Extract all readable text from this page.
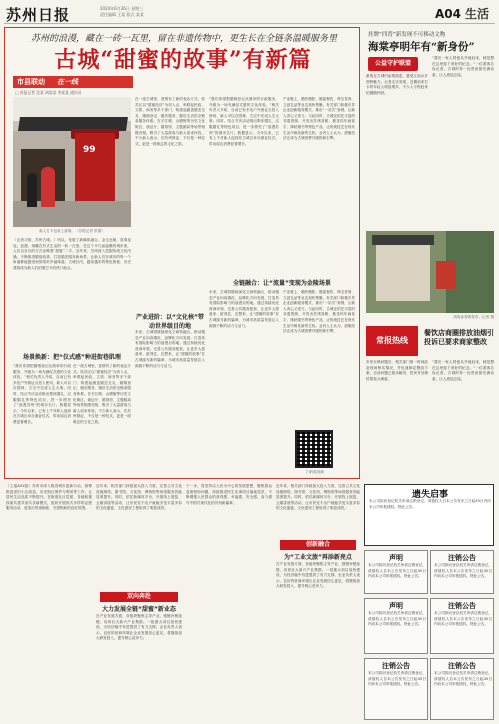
苏州日报	2024年6月26日 星期三
责任编辑 王某 版式 某某	A04 生活
苏州的浪漫，藏在一砖一瓦里，留在非遗传物中，更生长在全链条温暖服务里
古城“甜蜜的故事”有新篇
市县联动 在一线
□ 苏报记者 沈某 胡某某 李某某 通讯员
99
新人打卡包装上邮筒。（苏报记者 供图）
在一座古城里，爱情有了新的表达方式。姑苏区以“甜蜜经济”为切入点，串联起民政、文旅、商务等多个部门，构建起涵盖婚恋交友、婚姻登记、婚庆服务、婚后生活的全链条服务体系。在平江路、山塘街等历史文化街区，颁证厅、婚俗馆、主题邮局等场景相继亮相，吸引了大量游客与新人前来体验。不少新人表示，在苏州领证，不仅是一种仪式，更是一段难忘的文化之旅。
“我们希望把婚姻登记从简单的行政服务，升级为一场充满仪式感的文化体验。”相关负责人介绍，目前已有多处户外颁证点投入使用，新人可以在园林、古宅中完成人生大事。同时，结合节庆活动推出集体婚礼、汉服婚礼等特色项目，进一步擦亮了“浪漫苏州”的城市名片。数据显示，今年以来，已有上千对新人选择在古城区举办颁证仪式，带动周边消费显著增长。
产业链上，婚纱摄影、婚宴餐饮、珠宝首饰、文创礼品等业态加快集聚。有关部门积极引导企业创新服务模式，推出“一站式”套餐，让新人省心又省力。与此同时，古城还依托丰富的非遗资源，开发出苏绣喜帕、桃花坞年画喜字、缂丝婚书等特色产品，让传统技艺在现代生活中焕发新的生机。业内人士认为，甜蜜经济正成为古城消费升级的新引擎。
（记者习俗，苏州古城，）所以，发展了新媒体融合，金玉良缘，喜事连连。浪漫，深藏在苏式生活的一砖一瓦里，在这个平凡而温暖的城市里，人们以各自的方式诠释着“甜蜜”二字。近年来，苏州深入挖掘传统文化内涵，不断推进婚俗改革，打造婚恋服务新场景，让新人们在城市的每一个角落都能感受到浓浓的幸福味道。古城区内，越来越多的特色街巷、历史建筑成为新人们拍照打卡的热门地点。
全链融合：让“流量”变现为金陵场景
未来，古城将继续深化文商旅融合，推动婚恋产业向高端化、品牌化方向发展，打造具有国际影响力的浪漫目的地。通过持续优化营商环境、完善公共服务配套，让更多人愿意来、留得住、还想来，让“甜蜜的故事”在古城续写新的篇章，为城市高质量发展注入源源不断的动力与活力。
产业链上，婚纱摄影、婚宴餐饮、珠宝首饰、文创礼品等业态加快集聚。有关部门积极引导企业创新服务模式，推出“一站式”套餐，让新人省心又省力。与此同时，古城还依托丰富的非遗资源，开发出苏绣喜帕、桃花坞年画喜字、缂丝婚书等特色产品，让传统技艺在现代生活中焕发新的生机。业内人士认为，甜蜜经济正成为古城消费升级的新引擎。
场景焕新：把“仪式感”种进街巷肌理
“我们希望把婚姻登记从简单的行政服务，升级为一场充满仪式感的文化体验。”相关负责人介绍，目前已有多处户外颁证点投入使用，新人可以在园林、古宅中完成人生大事。同时，结合节庆活动推出集体婚礼、汉服婚礼等特色项目，进一步擦亮了“浪漫苏州”的城市名片。数据显示，今年以来，已有上千对新人选择在古城区举办颁证仪式，带动周边消费显著增长。
在一座古城里，爱情有了新的表达方式。姑苏区以“甜蜜经济”为切入点，串联起民政、文旅、商务等多个部门，构建起涵盖婚恋交友、婚姻登记、婚庆服务、婚后生活的全链条服务体系。在平江路、山塘街等历史文化街区，颁证厅、婚俗馆、主题邮局等场景相继亮相，吸引了大量游客与新人前来体验。不少新人表示，在苏州领证，不仅是一种仪式，更是一段难忘的文化之旅。
产业进阶：以“文化核”带动世界级目的地
未来，古城将继续深化文商旅融合，推动婚恋产业向高端化、品牌化方向发展，打造具有国际影响力的浪漫目的地。通过持续优化营商环境、完善公共服务配套，让更多人愿意来、留得住、还想来，让“甜蜜的故事”在古城续写新的篇章，为城市高质量发展注入源源不断的动力与活力。
扫码看视频
挂牌“四普”新发现不可移动文物
海棠亭明年有“新身份”
公益守护联盟
游客在古城内参观游览，感受江南水乡独特魅力。记者走访发现，近期前来打卡的年轻人明显增多，不少人专程赶来拍摄婚纱照。
“我们一家人特意从外地赶来，就是想在这里留下美好的纪念。”一位游客告诉记者，古城的每一处景致都充满诗意，让人流连忘返。
游客参观海棠亭。记者 摄
常报热线
餐饮店商圈排放油烟引投诉已要求商家整改
市民反映问题后，相关部门第一时间赶赴现场核实情况，并迅速制定整改方案，目前问题已基本解决，居民对处理结果表示满意。
“我们一家人特意从外地赶来，就是想在这里留下美好的纪念。”一位游客告诉记者，古城的每一处景致都充满诗意，让人流连忘返。
（上接A01版）苏州市深入推进城市更新行动，统筹推进老旧小区改造、历史街区保护与利用等工作，让居民生活品质不断提升。在街道社区层面，各地积极探索共建共治共享新模式，组织开展形式多样的志愿服务活动，营造出邻里和睦、守望相助的良好氛围。
近年来，相关部门持续加大投入力度，完善公共文化设施网络，图书馆、文化馆、博物馆等场馆服务效能显著提升。同时，依托新媒体平台，开展线上展览、云端讲座等活动，让市民足不出户就能享受丰富多彩的文化盛宴，文化惠民工程取得了明显成效。
双向奔赴
大力发展全链“甜蜜”新业态
在产业发展方面，各板块聚焦主导产业，强链补链延链，培育壮大新兴产业集群。一批重大项目加快建设，为经济稳中有进提供了有力支撑。企业负责人表示，良好的营商环境让企业发展信心更足，将继续加大研发投入，提升核心竞争力。
下一步，将坚持以人民为中心的发展思想，聚焦群众急难愁盼问题，持续推进民生实事项目落地见效，不断增强人民群众的获得感、幸福感、安全感，奋力谱写中国式现代化的苏州新篇章。
近年来，相关部门持续加大投入力度，完善公共文化设施网络，图书馆、文化馆、博物馆等场馆服务效能显著提升。同时，依托新媒体平台，开展线上展览、云端讲座等活动，让市民足不出户就能享受丰富多彩的文化盛宴，文化惠民工程取得了明显成效。
创新融合
为“工业文旅”再添新亮点
在产业发展方面，各板块聚焦主导产业，强链补链延链，培育壮大新兴产业集群。一批重大项目加快建设，为经济稳中有进提供了有力支撑。企业负责人表示，良好的营商环境让企业发展信心更足，将继续加大研发投入，提升核心竞争力。
遗失启事
本公司拟向登记机关申请注销登记，请债权人自本公告发布之日起45日内向本公司申报债权。特此公告。
声明
本公司拟向登记机关申请注销登记，请债权人自本公告发布之日起45日内向本公司申报债权。特此公告。
注销公告
本公司拟向登记机关申请注销登记，请债权人自本公告发布之日起45日内向本公司申报债权。特此公告。
声明
本公司拟向登记机关申请注销登记，请债权人自本公告发布之日起45日内向本公司申报债权。特此公告。
注销公告
本公司拟向登记机关申请注销登记，请债权人自本公告发布之日起45日内向本公司申报债权。特此公告。
注销公告
本公司拟向登记机关申请注销登记，请债权人自本公告发布之日起45日内向本公司申报债权。特此公告。
注销公告
本公司拟向登记机关申请注销登记，请债权人自本公告发布之日起45日内向本公司申报债权。特此公告。
